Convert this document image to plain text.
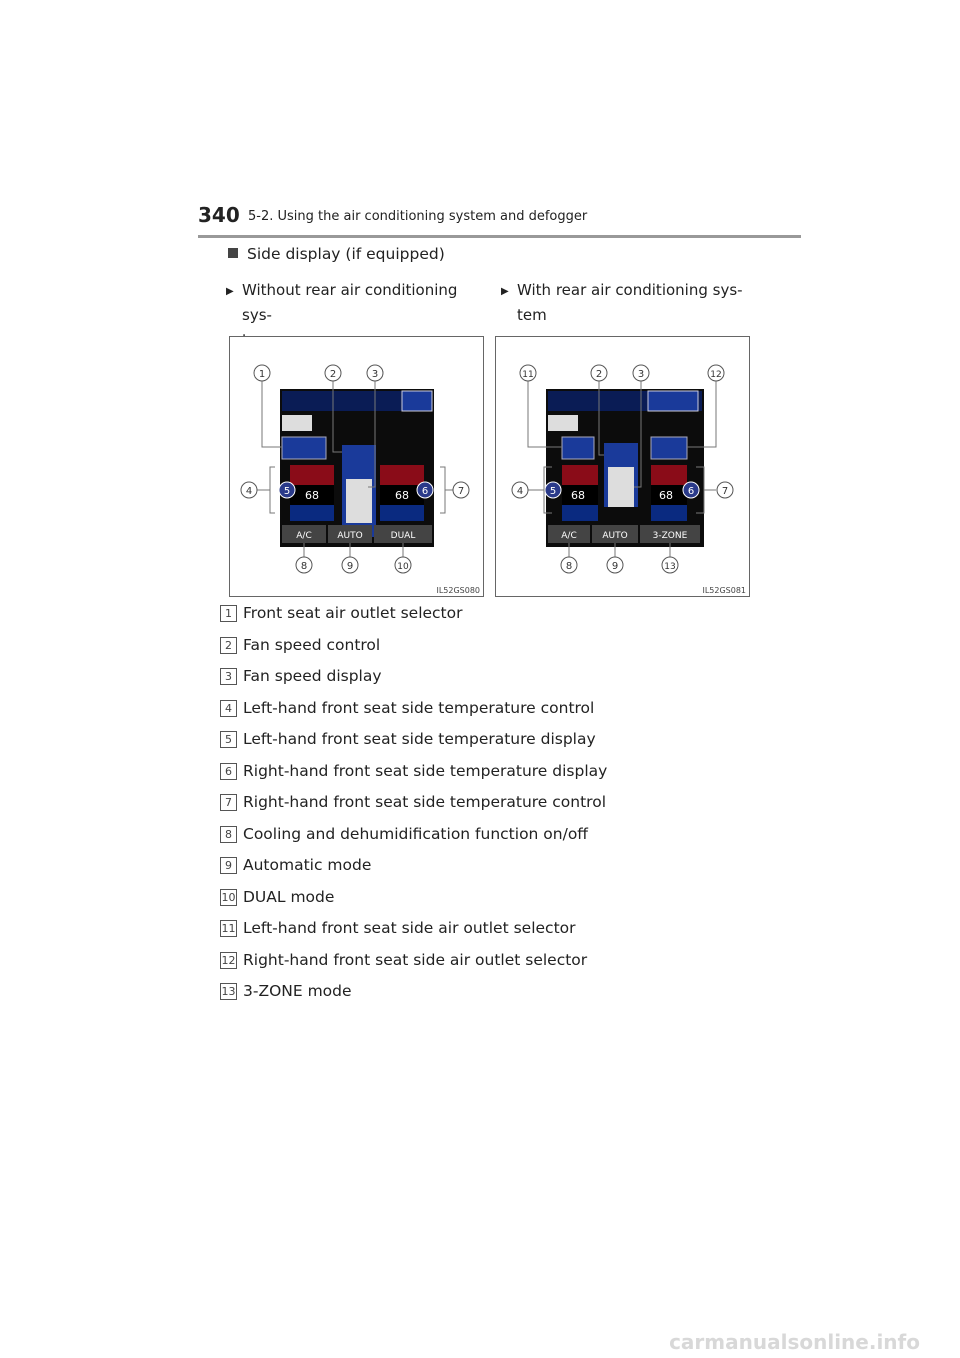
340 5-2. Using the air conditioning system and defogger
Side display (if equipped)
▶ Without rear air conditioning sys-

▶ With rear air conditioning sys-
tem
68	68
A/C	AUTO	DUAL
1	2	3
4	5	6	7
8	9	10
IL52GS080
68	68
A/C	AUTO	3-ZONE
11	2	3	12
4	5	6	7
8	9	13
IL52GS081
1 Front seat air outlet selector
2 Fan speed control
3 Fan speed display
4 Left-hand front seat side temperature control
5 Left-hand front seat side temperature display
6 Right-hand front seat side temperature display
7 Right-hand front seat side temperature control
8 Cooling and dehumidification function on/off
9 Automatic mode
10 DUAL mode
11 Left-hand front seat side air outlet selector
12 Right-hand front seat side air outlet selector
13 3-ZONE mode
carmanualsonline.info
